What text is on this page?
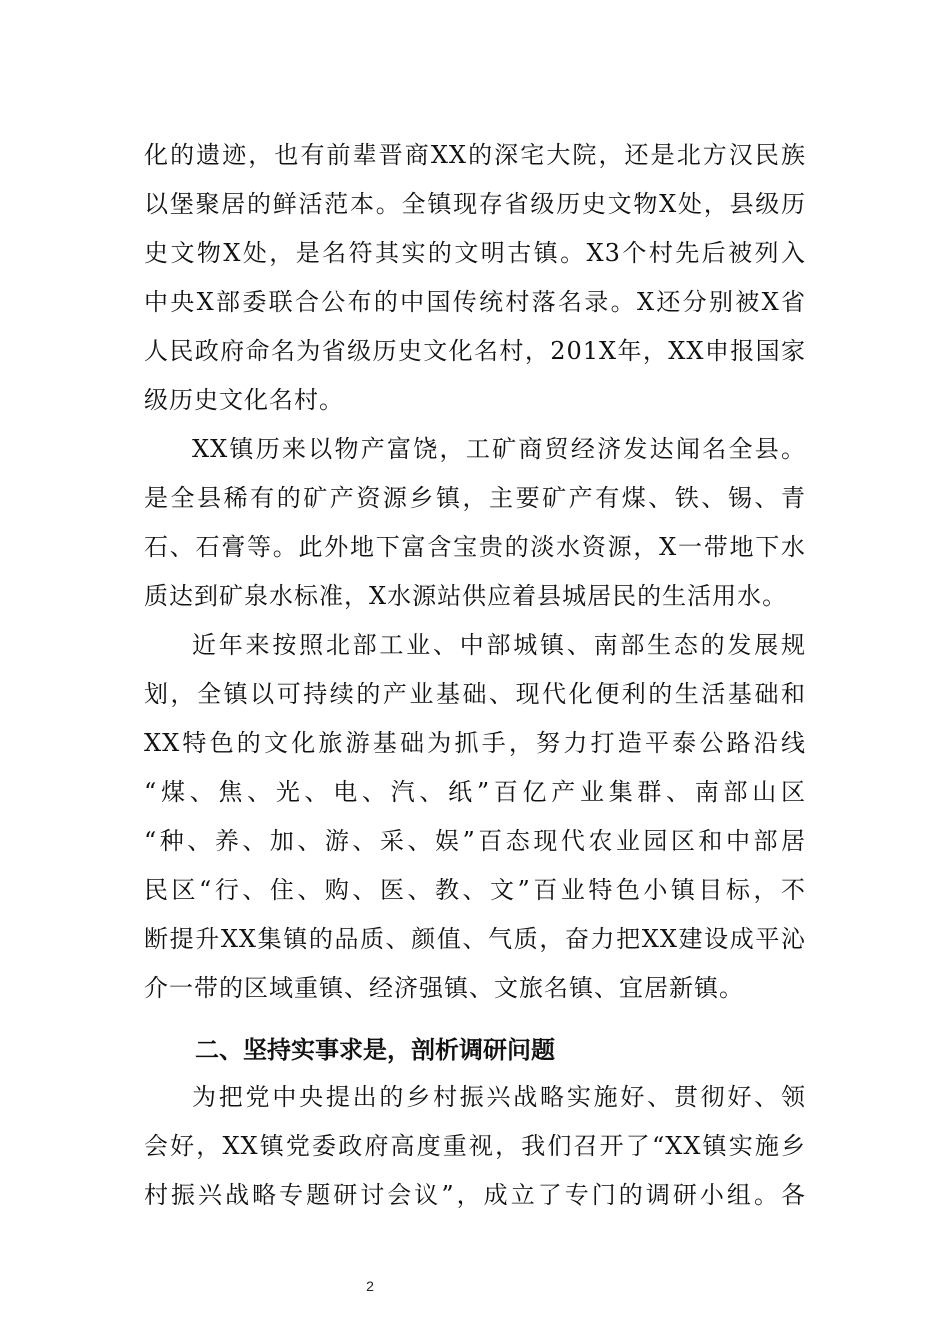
化的遗迹，也有前辈晋商XX的深宅大院，还是北方汉民族
以堡聚居的鲜活范本。全镇现存省级历史文物X处，县级历
史文物X处，是名符其实的文明古镇。X3个村先后被列入
中央X部委联合公布的中国传统村落名录。X还分别被X省
人民政府命名为省级历史文化名村，201X年，XX申报国家
级历史文化名村。
XX镇历来以物产富饶，工矿商贸经济发达闻名全县。
是全县稀有的矿产资源乡镇，主要矿产有煤、铁、锡、青
石、石膏等。此外地下富含宝贵的淡水资源，X一带地下水
质达到矿泉水标准，X水源站供应着县城居民的生活用水。
近年来按照北部工业、中部城镇、南部生态的发展规
划，全镇以可持续的产业基础、现代化便利的生活基础和
XX特色的文化旅游基础为抓手，努力打造平泰公路沿线
“煤、焦、光、电、汽、纸”百亿产业集群、南部山区
“种、养、加、游、采、娱”百态现代农业园区和中部居
民区“行、住、购、医、教、文”百业特色小镇目标，不
断提升XX集镇的品质、颜值、气质，奋力把XX建设成平沁
介一带的区域重镇、经济强镇、文旅名镇、宜居新镇。
二、坚持实事求是，剖析调研问题
为把党中央提出的乡村振兴战略实施好、贯彻好、领
会好，XX镇党委政府高度重视，我们召开了“XX镇实施乡
村振兴战略专题研讨会议”，成立了专门的调研小组。各
2
